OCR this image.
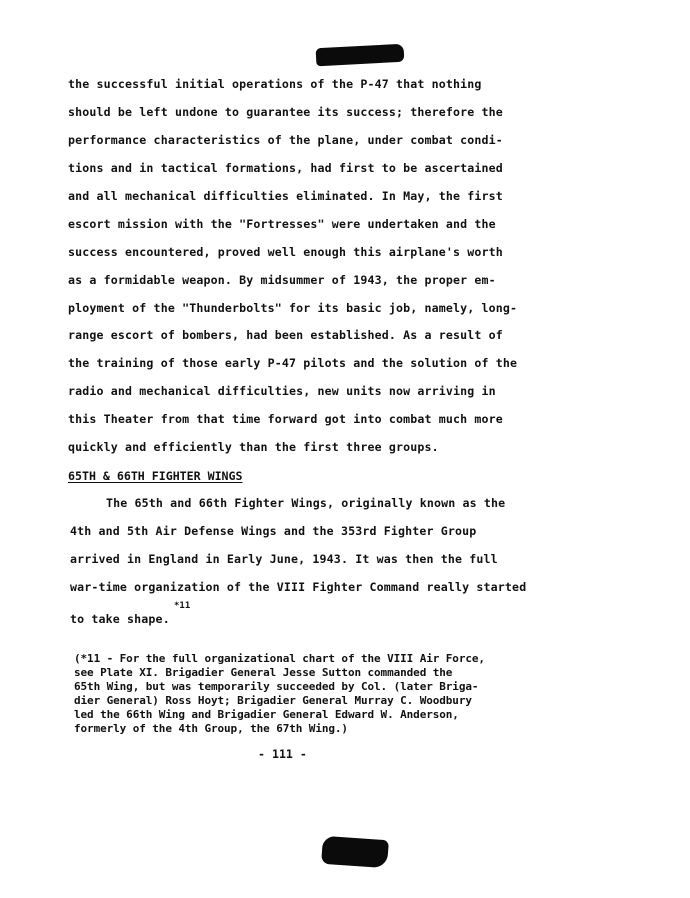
the successful initial operations of the P-47 that nothing
should be left undone to guarantee its success; therefore the
performance characteristics of the plane, under combat condi-
tions and in tactical formations, had first to be ascertained
and all mechanical difficulties eliminated. In May, the first
escort mission with the "Fortresses" were undertaken and the
success encountered, proved well enough this airplane's worth
as a formidable weapon. By midsummer of 1943, the proper em-
ployment of the "Thunderbolts" for its basic job, namely, long-
range escort of bombers, had been established. As a result of
the training of those early P-47 pilots and the solution of the
radio and mechanical difficulties, new units now arriving in
this Theater from that time forward got into combat much more
quickly and efficiently than the first three groups.
65TH & 66TH FIGHTER WINGS
The 65th and 66th Fighter Wings, originally known as the
4th and 5th Air Defense Wings and the 353rd Fighter Group
arrived in England in Early June, 1943. It was then the full
war-time organization of the VIII Fighter Command really started
to take shape.
*11
(*11 - For the full organizational chart of the VIII Air Force,
see Plate XI. Brigadier General Jesse Sutton commanded the
65th Wing, but was temporarily succeeded by Col. (later Briga-
dier General) Ross Hoyt; Brigadier General Murray C. Woodbury
led the 66th Wing and Brigadier General Edward W. Anderson,
formerly of the 4th Group, the 67th Wing.)
- 111 -
